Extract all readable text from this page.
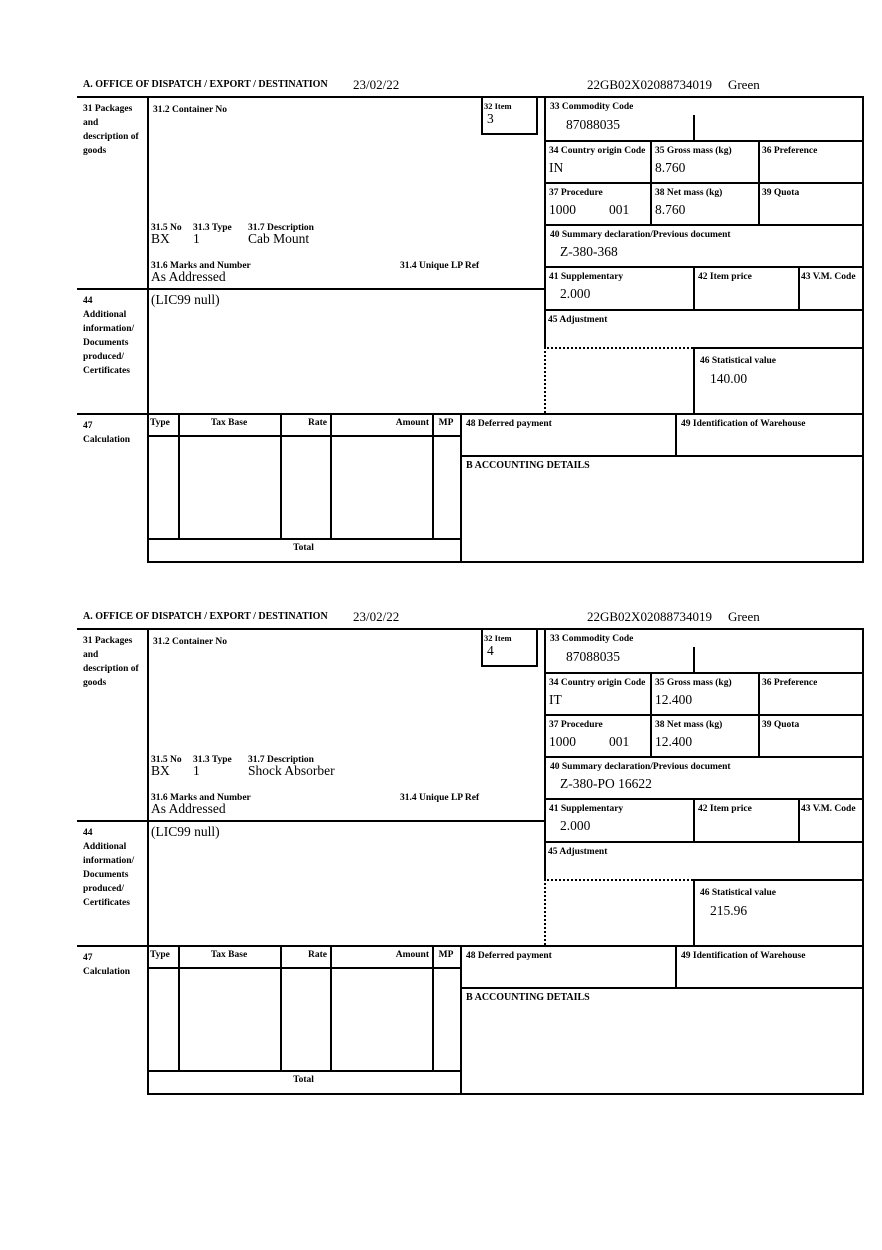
A. OFFICE OF DISPATCH / EXPORT / DESTINATION 23/02/22	22GB02X02088734019 Green
31 Packages and description of goods
44
Additional information/ Documents produced/ Certificates
47
Calculation
31.2 Container No
31.5 No 31.3 Type 31.7 Description
BX 1	Cab Mount
31.6 Marks and Number	31.4 Unique LP Ref
As Addressed
(LIC99 null)
32 Item
3
33 Commodity Code
87088035
34 Country origin Code
IN
35 Gross mass (kg)
8.760
36 Preference
37 Procedure
1000 001
38 Net mass (kg)
8.760
39 Quota
40 Summary declaration/Previous document
Z-380-368
41 Supplementary
2.000
42 Item price	43 V.M. Code
45 Adjustment
46 Statistical value
140.00
Type	Tax Base	Rate	Amount	MP
Total
48 Deferred payment	49 Identification of Warehouse
B ACCOUNTING DETAILS
A. OFFICE OF DISPATCH / EXPORT / DESTINATION 23/02/22	22GB02X02088734019 Green
31 Packages and description of goods
44
Additional information/ Documents produced/ Certificates
47
Calculation
31.2 Container No
31.5 No 31.3 Type 31.7 Description
BX 1	Shock Absorber
31.6 Marks and Number	31.4 Unique LP Ref
As Addressed
(LIC99 null)
32 Item
4
33 Commodity Code
87088035
34 Country origin Code
IT
35 Gross mass (kg)
12.400
36 Preference
37 Procedure
1000 001
38 Net mass (kg)
12.400
39 Quota
40 Summary declaration/Previous document
Z-380-PO 16622
41 Supplementary
2.000
42 Item price	43 V.M. Code
45 Adjustment
46 Statistical value
215.96
Type	Tax Base	Rate	Amount	MP
Total
48 Deferred payment	49 Identification of Warehouse
B ACCOUNTING DETAILS
